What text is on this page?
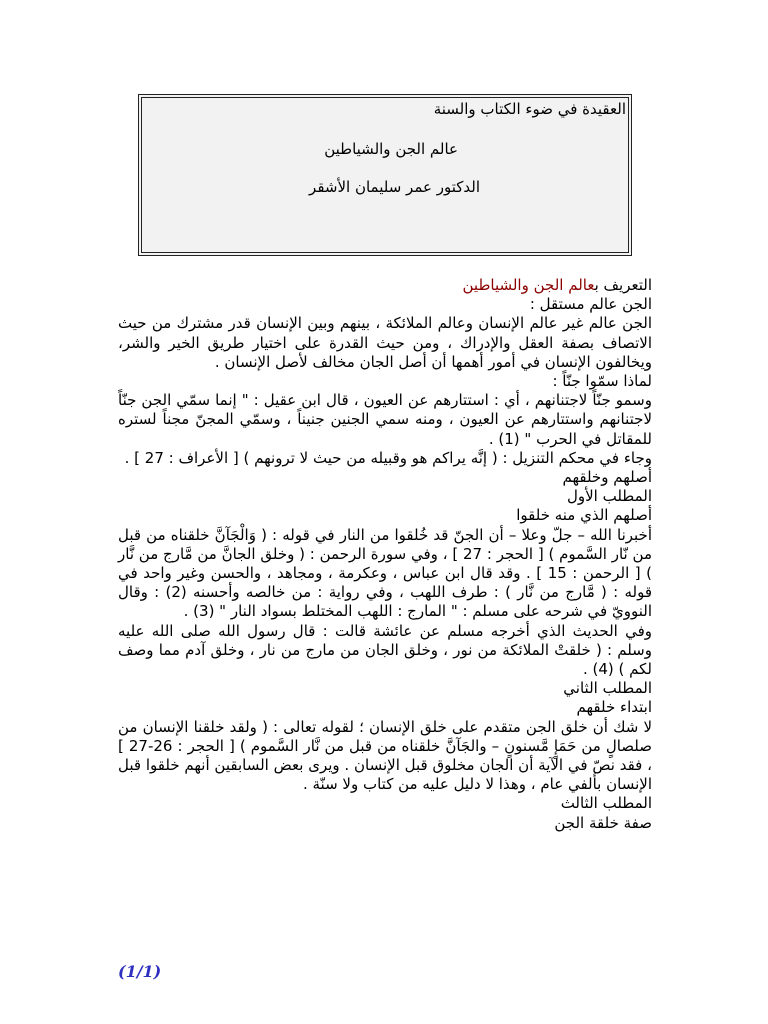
العقيدة في ضوء الكتاب والسنة
عالم الجن والشياطين
الدكتور عمر سليمان الأشقر

التعريف بعالم الجن والشياطين

الجن عالم مستقل :

الجن عالم غير عالم الإنسان وعالم الملائكة ، بينهم وبين الإنسان قدر مشترك من حيث الاتصاف بصفة العقل والإدراك ، ومن حيث القدرة على اختيار طريق الخير والشر، ويخالفون الإنسان في أمور أهمها أن أصل الجان مخالف لأصل الإنسان .

لماذا سمّوا جنّاً :

وسمو جنّاً لاجتنانهم ، أي : استتارهم عن العيون ، قال ابن عقيل : " إنما سمّي الجن جنّاً لاجتنانهم واستتارهم عن العيون ، ومنه سمي الجنين جنيناً ، وسمّي المجنّ مجناً لستره للمقاتل في الحرب " (1) .

وجاء في محكم التنزيل : ( إنَّه يراكم هو وقبيله من حيث لا ترونهم ) [ الأعراف : 27 ] .

أصلهم وخلقهم

المطلب الأول

أصلهم الذي منه خلقوا

أخبرنا الله – جلّ وعلا – أن الجنّ قد خُلقوا من النار في قوله : ( وَالْجَآنَّ خلقناه من قبل من نّار السَّموم ) [ الحجر : 27 ] ، وفي سورة الرحمن : ( وخلق الجانَّ من مَّارج من نَّار ) [ الرحمن : 15 ] . وقد قال ابن عباس ، وعكرمة ، ومجاهد ، والحسن وغير واحد في قوله : ( مَّارج من نَّار ) : طرف اللهب ، وفي رواية : من خالصه وأحسنه (2) : وقال النوويّ في شرحه على مسلم : " المارج : اللهب المختلط بسواد النار " (3) .

وفي الحديث الذي أخرجه مسلم عن عائشة قالت : قال رسول الله صلى الله عليه وسلم : ( خلقتْ الملائكة من نور ، وخلق الجان من مارج من نار ، وخلق آدم مما وصف لكم ) (4) .

المطلب الثاني

ابتداء خلقهم

لا شك أن خلق الجن متقدم على خلق الإنسان ؛ لقوله تعالى : ( ولقد خلقنا الإنسان من صلصالٍ من حَمَإٍ مَّسنونٍ – والجَآنَّ خلقناه من قبل من نَّار السَّموم ) [ الحجر : 26-27 ] ، فقد نصّ في الآية أن الجان مخلوق قبل الإنسان . ويرى بعض السابقين أنهم خلقوا قبل الإنسان بألفي عام ، وهذا لا دليل عليه من كتاب ولا سنّة .

المطلب الثالث

صفة خلقة الجن

(1/1)
